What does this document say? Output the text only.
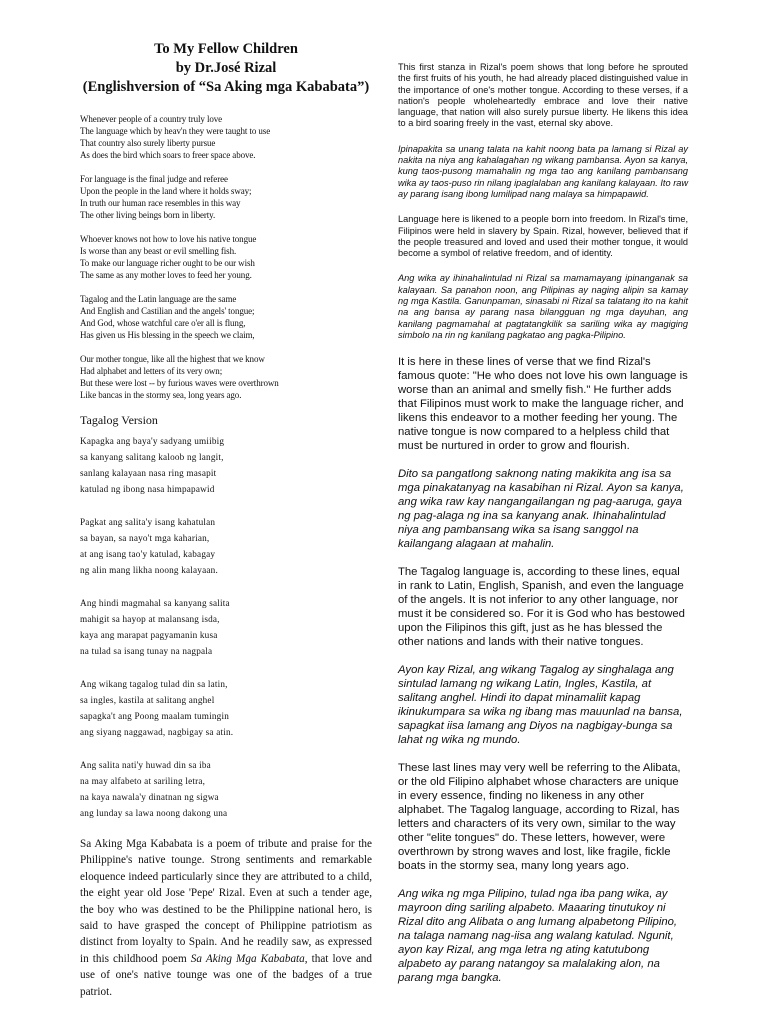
To My Fellow Children
by Dr.José Rizal
(Englishversion of “Sa Aking mga Kababata”)
Whenever people of a country truly love
The language which by heav'n they were taught to use
That country also surely liberty pursue
As does the bird which soars to freer space above.
For language is the final judge and referee
Upon the people in the land where it holds sway;
In truth our human race resembles in this way
The other living beings born in liberty.
Whoever knows not how to love his native tongue
Is worse than any beast or evil smelling fish.
To make our language richer ought to be our wish
The same as any mother loves to feed her young.
Tagalog and the Latin language are the same
And English and Castilian and the angels' tongue;
And God, whose watchful care o'er all is flung,
Has given us His blessing in the speech we claim,
Our mother tongue, like all the highest that we know
Had alphabet and letters of its very own;
But these were lost -- by furious waves were overthrown
Like bancas in the stormy sea, long years ago.
Tagalog Version
Kapagka ang baya'y sadyang umiibig
sa kanyang salitang kaloob ng langit,
sanlang kalayaan nasa ring masapit
katulad ng ibong nasa himpapawid
Pagkat ang salita'y isang kahatulan
sa bayan, sa nayo't mga kaharian,
at ang isang tao'y katulad, kabagay
ng alin mang likha noong kalayaan.
Ang hindi magmahal sa kanyang salita
mahigit sa hayop at malansang isda,
kaya ang marapat pagyamanin kusa
na tulad sa isang tunay na nagpala
Ang wikang tagalog tulad din sa latin,
sa ingles, kastila at salitang anghel
sapagka't ang Poong maalam tumingin
ang siyang naggawad, nagbigay sa atin.
Ang salita nati'y huwad din sa iba
na may alfabeto at sariling letra,
na kaya nawala'y dinatnan ng sigwa
ang lunday sa lawa noong dakong una
Sa Aking Mga Kababata is a poem of tribute and praise for the Philippine's native tounge. Strong sentiments and remarkable eloquence indeed particularly since they are attributed to a child, the eight year old Jose 'Pepe' Rizal. Even at such a tender age, the boy who was destined to be the Philippine national hero, is said to have grasped the concept of Philippine patriotism as distinct from loyalty to Spain. And he readily saw, as expressed in this childhood poem Sa Aking Mga Kababata, that love and use of one's native tounge was one of the badges of a true patriot.

This first stanza in Rizal's poem shows that long before he sprouted the first fruits of his youth, he had already placed distinguished value in the importance of one's mother tongue. According to these verses, if a nation's people wholeheartedly embrace and love their native language, that nation will also surely pursue liberty. He likens this idea to a bird soaring freely in the vast, eternal sky above.

Ipinapakita sa unang talata na kahit noong bata pa lamang si Rizal ay nakita na niya ang kahalagahan ng wikang pambansa. Ayon sa kanya, kung taos-pusong mamahalin ng mga tao ang kanilang pambansang wika ay taos-puso rin nilang ipaglalaban ang kanilang kalayaan. Ito raw ay parang isang ibong lumilipad nang malaya sa himpapawid.

Language here is likened to a people born into freedom. In Rizal's time, Filipinos were held in slavery by Spain. Rizal, however, believed that if the people treasured and loved and used their mother tongue, it would become a symbol of relative freedom, and of identity.

Ang wika ay ihinahalintulad ni Rizal sa mamamayang ipinanganak sa kalayaan. Sa panahon noon, ang Pilipinas ay naging alipin sa kamay ng mga Kastila. Ganunpaman, sinasabi ni Rizal sa talatang ito na kahit na ang bansa ay parang nasa bilangguan ng mga dayuhan, ang kanilang pagmamahal at pagtatangkilik sa sariling wika ay magiging simbolo na rin ng kanilang pagkatao ang pagka-Pilipino.

It is here in these lines of verse that we find Rizal's famous quote: "He who does not love his own language is worse than an animal and smelly fish." He further adds that Filipinos must work to make the language richer, and likens this endeavor to a mother feeding her young. The native tongue is now compared to a helpless child that must be nurtured in order to grow and flourish.

Dito sa pangatlong saknong nating makikita ang isa sa mga pinakatanyag na kasabihan ni Rizal. Ayon sa kanya, ang wika raw kay nangangailangan ng pag-aaruga, gaya ng pag-alaga ng ina sa kanyang anak. Ihinahalintulad niya ang pambansang wika sa isang sanggol na kailangang alagaan at mahalin.

The Tagalog language is, according to these lines, equal in rank to Latin, English, Spanish, and even the language of the angels. It is not inferior to any other language, nor must it be considered so. For it is God who has bestowed upon the Filipinos this gift, just as he has blessed the other nations and lands with their native tongues.

Ayon kay Rizal, ang wikang Tagalog ay singhalaga ang sintulad lamang ng wikang Latin, Ingles, Kastila, at salitang anghel. Hindi ito dapat minamaliit kapag ikinukumpara sa wika ng ibang mas mauunlad na bansa, sapagkat iisa lamang ang Diyos na nagbigay-bunga sa lahat ng wika ng mundo.

These last lines may very well be referring to the Alibata, or the old Filipino alphabet whose characters are unique in every essence, finding no likeness in any other alphabet. The Tagalog language, according to Rizal, has letters and characters of its very own, similar to the way other "elite tongues" do. These letters, however, were overthrown by strong waves and lost, like fragile, fickle boats in the stormy sea, many long years ago.

Ang wika ng mga Pilipino, tulad nga iba pang wika, ay mayroon ding sariling alpabeto. Maaaring tinutukoy ni Rizal dito ang Alibata o ang lumang alpabetong Pilipino, na talaga namang nag-iisa ang walang katulad. Ngunit, ayon kay Rizal, ang mga letra ng ating katutubong alpabeto ay parang natangoy sa malalaking alon, na parang mga bangka.
